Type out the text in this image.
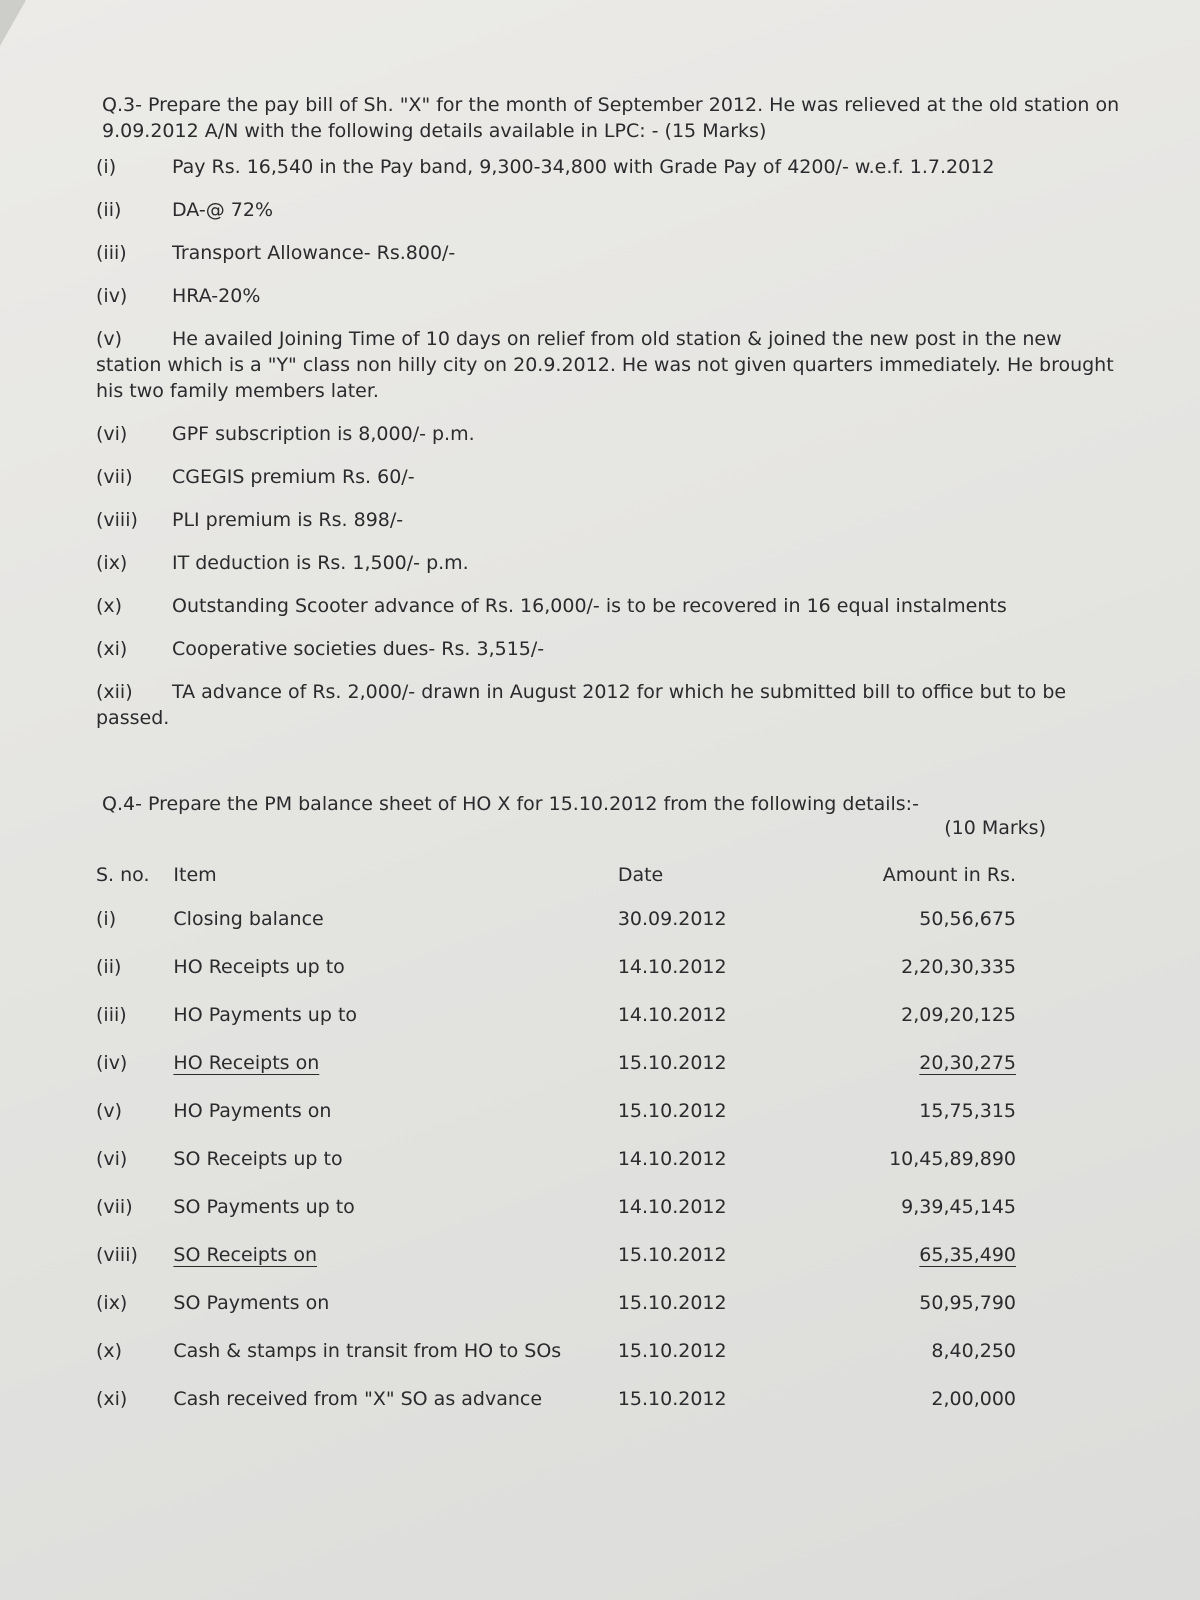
Q.3- Prepare the pay bill of Sh. "X" for the month of September 2012. He was relieved at the old station on 9.09.2012 A/N with the following details available in LPC: - (15 Marks)

(i)	Pay Rs. 16,540 in the Pay band, 9,300-34,800 with Grade Pay of 4200/- w.e.f. 1.7.2012
(ii)	DA-@ 72%
(iii) Transport Allowance- Rs.800/-
(iv) HRA-20%
(v)	He availed Joining Time of 10 days on relief from old station & joined the new post in the new station which is a "Y" class non hilly city on 20.9.2012. He was not given quarters immediately. He brought his two family members later.
(vi) GPF subscription is 8,000/- p.m.
(vii) CGEGIS premium Rs. 60/-
(viii) PLI premium is Rs. 898/-
(ix) IT deduction is Rs. 1,500/- p.m.
(x)	Outstanding Scooter advance of Rs. 16,000/- is to be recovered in 16 equal instalments
(xi) Cooperative societies dues- Rs. 3,515/-
(xii) TA advance of Rs. 2,000/- drawn in August 2012 for which he submitted bill to office but to be passed.

Q.4- Prepare the PM balance sheet of HO X for 15.10.2012 from the following details:-

(10 Marks)
S. no.	Item	Date	Amount in Rs.
(i)	Closing balance	30.09.2012	50,56,675
(ii)	HO Receipts up to	14.10.2012	2,20,30,335
(iii)	HO Payments up to	14.10.2012	2,09,20,125
(iv)	HO Receipts on	15.10.2012	20,30,275
(v)	HO Payments on	15.10.2012	15,75,315
(vi)	SO Receipts up to	14.10.2012	10,45,89,890
(vii)	SO Payments up to	14.10.2012	9,39,45,145
(viii)	SO Receipts on	15.10.2012	65,35,490
(ix)	SO Payments on	15.10.2012	50,95,790
(x)	Cash & stamps in transit from HO to SOs	15.10.2012	8,40,250
(xi)	Cash received from "X" SO as advance	15.10.2012	2,00,000
